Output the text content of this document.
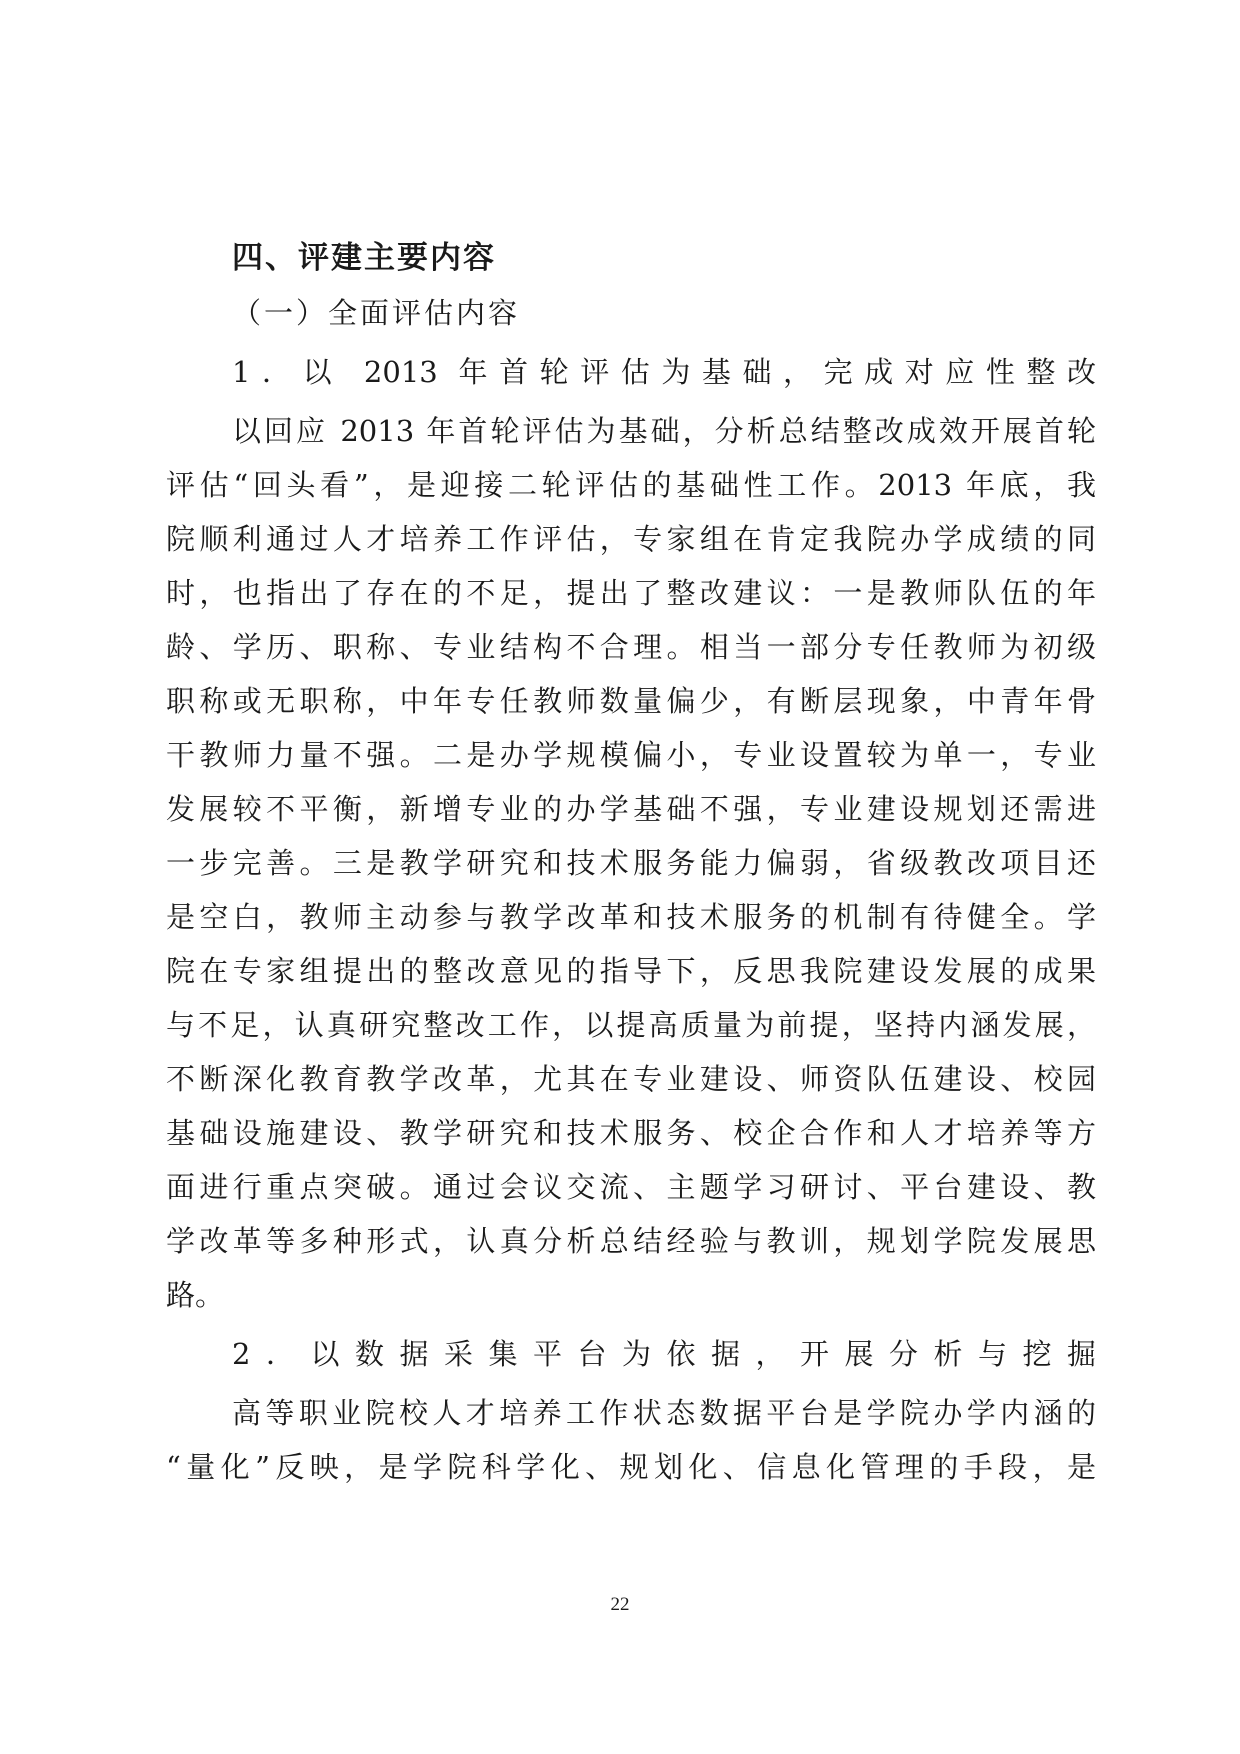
四、评建主要内容
（一）全面评估内容
1．以 2013 年首轮评估为基础，完成对应性整改
以回应 2013 年首轮评估为基础，分析总结整改成效开展首轮
评估“回头看”，是迎接二轮评估的基础性工作。2013 年底，我
院顺利通过人才培养工作评估，专家组在肯定我院办学成绩的同
时，也指出了存在的不足，提出了整改建议：一是教师队伍的年
龄、学历、职称、专业结构不合理。相当一部分专任教师为初级
职称或无职称，中年专任教师数量偏少，有断层现象，中青年骨
干教师力量不强。二是办学规模偏小，专业设置较为单一，专业
发展较不平衡，新增专业的办学基础不强，专业建设规划还需进
一步完善。三是教学研究和技术服务能力偏弱，省级教改项目还
是空白，教师主动参与教学改革和技术服务的机制有待健全。学
院在专家组提出的整改意见的指导下，反思我院建设发展的成果
与不足，认真研究整改工作，以提高质量为前提，坚持内涵发展，
不断深化教育教学改革，尤其在专业建设、师资队伍建设、校园
基础设施建设、教学研究和技术服务、校企合作和人才培养等方
面进行重点突破。通过会议交流、主题学习研讨、平台建设、教
学改革等多种形式，认真分析总结经验与教训，规划学院发展思
路。
2．以数据采集平台为依据，开展分析与挖掘
高等职业院校人才培养工作状态数据平台是学院办学内涵的
“量化”反映，是学院科学化、规划化、信息化管理的手段，是
22
